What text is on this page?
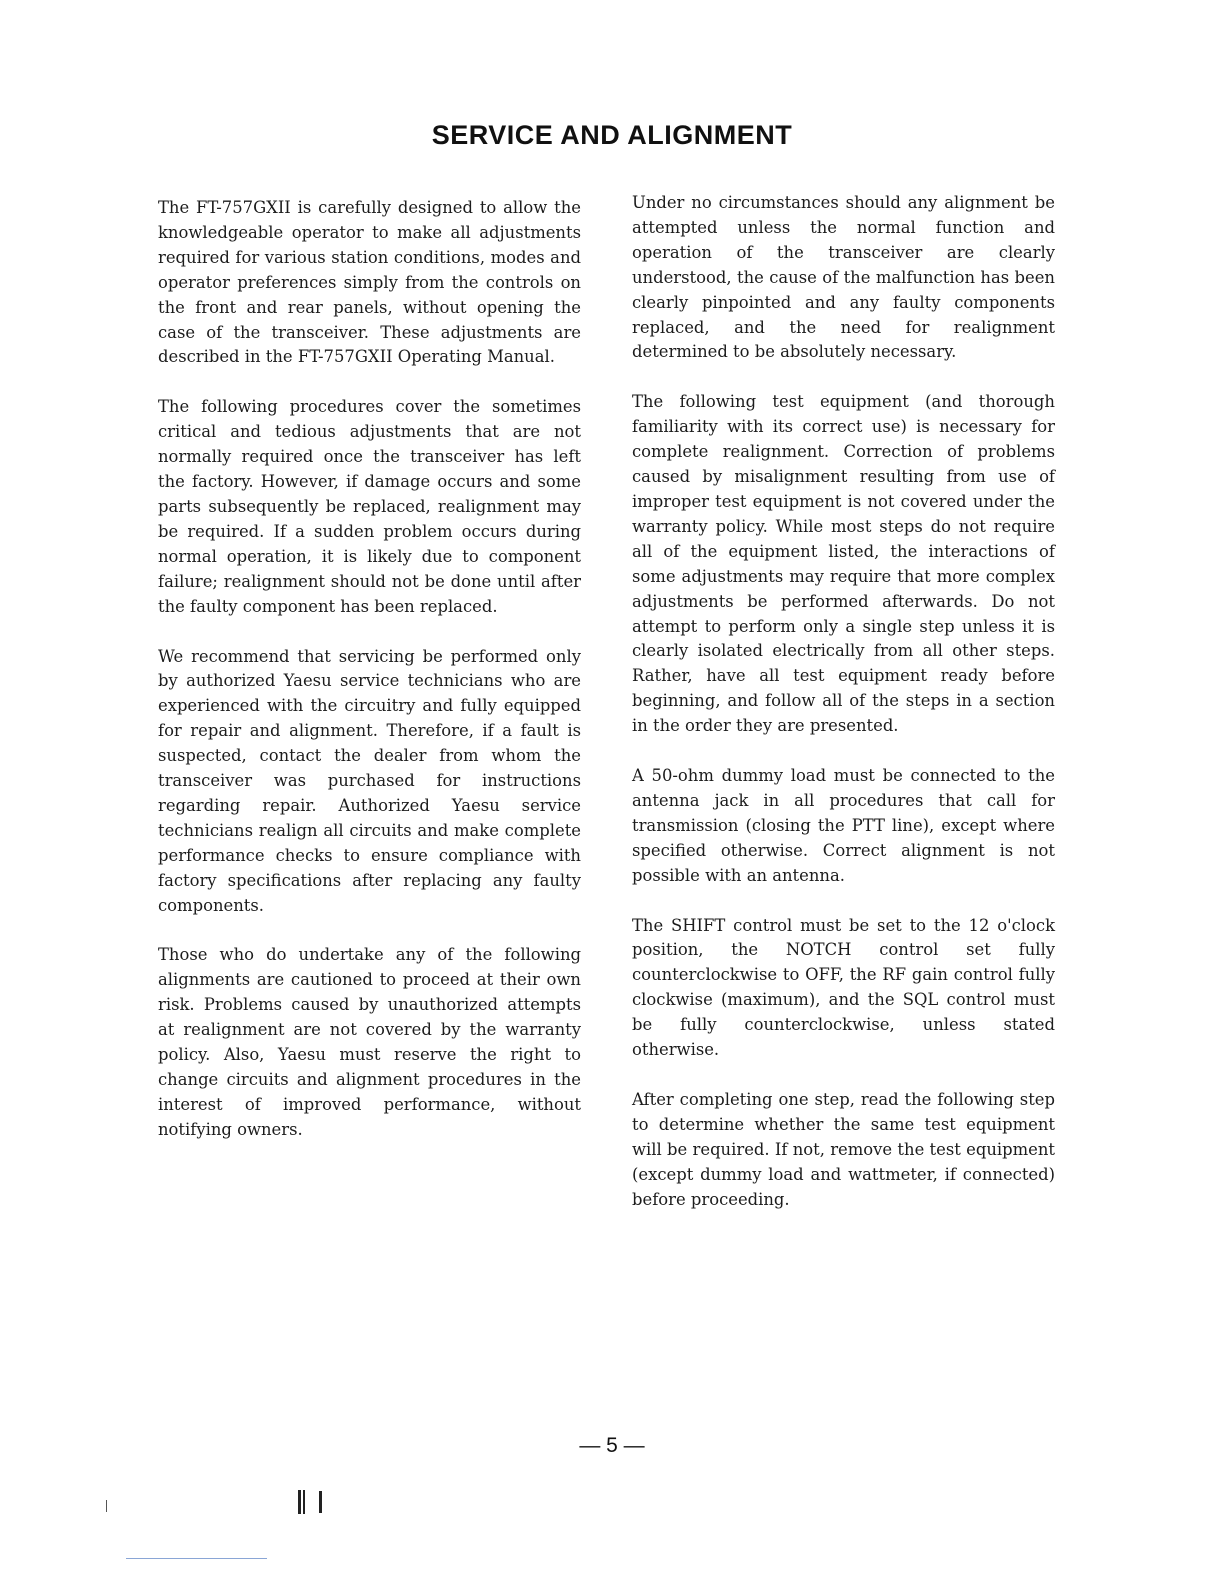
SERVICE AND ALIGNMENT

The FT-757GXII is carefully designed to allow the knowledgeable operator to make all adjustments required for various station conditions, modes and operator preferences simply from the controls on the front and rear panels, without opening the case of the transceiver. These adjustments are described in the FT-757GXII Operating Manual.

The following procedures cover the sometimes critical and tedious adjustments that are not normally required once the transceiver has left the factory. However, if damage occurs and some parts subsequently be replaced, realignment may be required. If a sudden problem occurs during normal operation, it is likely due to component failure; realignment should not be done until after the faulty component has been replaced.

We recommend that servicing be performed only by authorized Yaesu service technicians who are experienced with the circuitry and fully equipped for repair and alignment. Therefore, if a fault is suspected, contact the dealer from whom the transceiver was purchased for instructions regarding repair. Authorized Yaesu service technicians realign all circuits and make complete performance checks to ensure compliance with factory specifications after replacing any faulty components.

Those who do undertake any of the following alignments are cautioned to proceed at their own risk. Problems caused by unauthorized attempts at realignment are not covered by the warranty policy. Also, Yaesu must reserve the right to change circuits and alignment procedures in the interest of improved performance, without notifying owners.

Under no circumstances should any alignment be attempted unless the normal function and operation of the transceiver are clearly understood, the cause of the malfunction has been clearly pinpointed and any faulty components replaced, and the need for realignment determined to be absolutely necessary.

The following test equipment (and thorough familiarity with its correct use) is necessary for complete realignment. Correction of problems caused by misalignment resulting from use of improper test equipment is not covered under the warranty policy. While most steps do not require all of the equipment listed, the interactions of some adjustments may require that more complex adjustments be performed afterwards. Do not attempt to perform only a single step unless it is clearly isolated electrically from all other steps. Rather, have all test equipment ready before beginning, and follow all of the steps in a section in the order they are presented.

A 50-ohm dummy load must be connected to the antenna jack in all procedures that call for transmission (closing the PTT line), except where specified otherwise. Correct alignment is not possible with an antenna.

The SHIFT control must be set to the 12 o'clock position, the NOTCH control set fully counterclockwise to OFF, the RF gain control fully clockwise (maximum), and the SQL control must be fully counterclockwise, unless stated otherwise.

After completing one step, read the following step to determine whether the same test equipment will be required. If not, remove the test equipment (except dummy load and wattmeter, if connected) before proceeding.

— 5 —
